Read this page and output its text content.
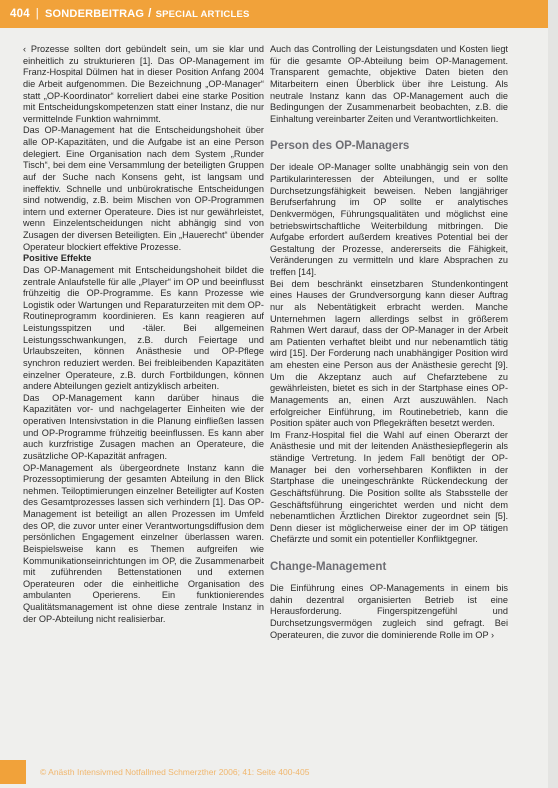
404 | SONDERBEITRAG / SPECIAL ARTICLES

‹ Prozesse sollten dort gebündelt sein, um sie klar und einheitlich zu strukturieren [1]. Das OP-Management im Franz-Hospital Dülmen hat in dieser Position Anfang 2004 die Arbeit aufgenommen. Die Bezeichnung „OP-Manager“ statt „OP-Koordinator“ korreliert dabei eine starke Position mit Entscheidungskompetenzen statt einer Instanz, die nur vermittelnde Funktion wahrnimmt.

Das OP-Management hat die Entscheidungshoheit über alle OP-Kapazitäten, und die Aufgabe ist an eine Person delegiert. Eine Organisation nach dem System „Runder Tisch“, bei dem eine Versammlung der beteiligten Gruppen auf der Suche nach Konsens geht, ist langsam und ineffektiv. Schnelle und unbürokratische Entscheidungen sind notwendig, z.B. beim Mischen von OP-Programmen intern und externer Operateure. Dies ist nur gewährleistet, wenn Einzelentscheidungen nicht abhängig sind von Zusagen der diversen Beteiligten. Ein „Hauerecht“ übender Operateur blockiert effektive Prozesse.

Positive Effekte

Das OP-Management mit Entscheidungshoheit bildet die zentrale Anlaufstelle für alle „Player“ im OP und beeinflusst frühzeitig die OP-Programme. Es kann Prozesse wie Logistik oder Wartungen und Reparaturzeiten mit dem OP-Routineprogramm koordinieren. Es kann reagieren auf Leistungsspitzen und -täler. Bei allgemeinen Leistungsschwankungen, z.B. durch Feiertage und Urlaubszeiten, können Anästhesie und OP-Pflege synchron reduziert werden. Bei freibleibenden Kapazitäten einzelner Operateure, z.B. durch Fortbildungen, können andere Abteilungen gezielt antizyklisch arbeiten.

Das OP-Management kann darüber hinaus die Kapazitäten vor- und nachgelagerter Einheiten wie der operativen Intensivstation in die Planung einfließen lassen und OP-Programme frühzeitig beeinflussen. Es kann aber auch kurzfristige Zusagen machen an Operateure, die zusätzliche OP-Kapazität anfragen.

OP-Management als übergeordnete Instanz kann die Prozessoptimierung der gesamten Abteilung in den Blick nehmen. Teiloptimierungen einzelner Beteiligter auf Kosten des Gesamtprozesses lassen sich verhindern [1]. Das OP-Management ist beteiligt an allen Prozessen im Umfeld des OP, die zuvor unter einer Verantwortungsdiffusion dem persönlichen Engagement einzelner überlassen waren. Beispielsweise kann es Themen aufgreifen wie Kommunikationseinrichtungen im OP, die Zusammenarbeit mit zuführenden Bettenstationen und externen Operateuren oder die einheitliche Organisation des ambulanten Operierens. Ein funktionierendes Qualitätsmanagement ist ohne diese zentrale Instanz in der OP-Abteilung nicht realisierbar.

Auch das Controlling der Leistungsdaten und Kosten liegt für die gesamte OP-Abteilung beim OP-Management. Transparent gemachte, objektive Daten bieten den Mitarbeitern einen Überblick über ihre Leistung. Als neutrale Instanz kann das OP-Management auch die Bedingungen der Zusammenarbeit beobachten, z.B. die Einhaltung vereinbarter Zeiten und Verantwortlichkeiten.

Person des OP-Managers

Der ideale OP-Manager sollte unabhängig sein von den Partikularinteressen der Abteilungen, und er sollte Durchsetzungsfähigkeit beweisen. Neben langjähriger Berufserfahrung im OP sollte er analytisches Denkvermögen, Führungsqualitäten und möglichst eine betriebswirtschaftliche Weiterbildung mitbringen. Die Aufgabe erfordert außerdem kreatives Potential bei der Gestaltung der Prozesse, andererseits die Fähigkeit, Veränderungen zu vermitteln und klare Absprachen zu treffen [14].

Bei dem beschränkt einsetzbaren Stundenkontingent eines Hauses der Grundversorgung kann dieser Auftrag nur als Nebentätigkeit erbracht werden. Manche Unternehmen lagern allerdings selbst in größerem Rahmen Wert darauf, dass der OP-Manager in der Arbeit am Patienten verhaftet bleibt und nur nebenamtlich tätig wird [15]. Der Forderung nach unabhängiger Position wird am ehesten eine Person aus der Anästhesie gerecht [9]. Um die Akzeptanz auch auf Chefarztebene zu gewährleisten, bietet es sich in der Startphase eines OP-Managements an, einen Arzt auszuwählen. Nach erfolgreicher Einführung, im Routinebetrieb, kann die Position später auch von Pflegekräften besetzt werden.

Im Franz-Hospital fiel die Wahl auf einen Oberarzt der Anästhesie und mit der leitenden Anästhesiepflegerin als ständige Vertretung. In jedem Fall benötigt der OP-Manager bei den vorhersehbaren Konflikten in der Startphase die uneingeschränkte Rückendeckung der Geschäftsführung. Die Position sollte als Stabsstelle der Geschäftsführung eingerichtet werden und nicht dem nebenamtlichen Ärztlichen Direktor zugeordnet sein [5]. Denn dieser ist möglicherweise einer der im OP tätigen Chefärzte und somit ein potentieller Konfliktgegner.

Change-Management

Die Einführung eines OP-Managements in einem bis dahin dezentral organisierten Betrieb ist eine Herausforderung. Fingerspitzengefühl und Durchsetzungsvermögen zugleich sind gefragt. Bei Operateuren, die zuvor die dominierende Rolle im OP ›

© Anästh Intensivmed Notfallmed Schmerzther 2006; 41: Seite 400-405
